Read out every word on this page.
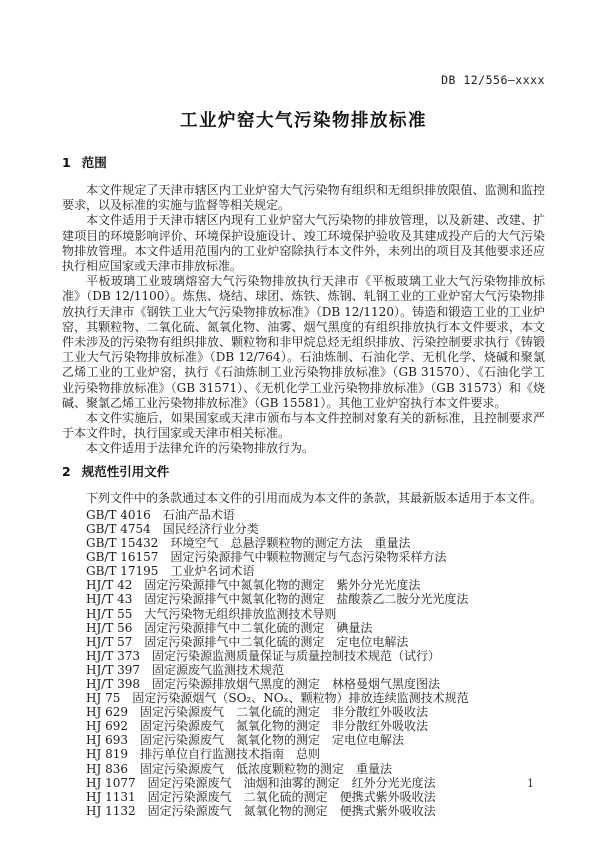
DB 12/556—xxxx
工业炉窑大气污染物排放标准
1 范围

本文件规定了天津市辖区内工业炉窑大气污染物有组织和无组织排放限值、监测和监控要求，以及标准的实施与监督等相关规定。

本文件适用于天津市辖区内现有工业炉窑大气污染物的排放管理，以及新建、改建、扩建项目的环境影响评价、环境保护设施设计、竣工环境保护验收及其建成投产后的大气污染物排放管理。本文件适用范围内的工业炉窑除执行本文件外，未列出的项目及其他要求还应执行相应国家或天津市排放标准。

平板玻璃工业玻璃熔窑大气污染物排放执行天津市《平板玻璃工业大气污染物排放标准》（DB 12/1100）。炼焦、烧结、球团、炼铁、炼钢、轧钢工业的工业炉窑大气污染物排放执行天津市《钢铁工业大气污染物排放标准》（DB 12/1120）。铸造和锻造工业的工业炉窑，其颗粒物、二氧化硫、氮氧化物、油雾、烟气黑度的有组织排放执行本文件要求，本文件未涉及的污染物有组织排放、颗粒物和非甲烷总烃无组织排放、污染控制要求执行《铸锻工业大气污染物排放标准》（DB 12/764）。石油炼制、石油化学、无机化学、烧碱和聚氯乙烯工业的工业炉窑，执行《石油炼制工业污染物排放标准》（GB 31570）、《石油化学工业污染物排放标准》（GB 31571）、《无机化学工业污染物排放标准》（GB 31573）和《烧碱、聚氯乙烯工业污染物排放标准》（GB 15581）。其他工业炉窑执行本文件要求。

本文件实施后，如果国家或天津市颁布与本文件控制对象有关的新标准，且控制要求严于本文件时，执行国家或天津市相关标准。

本文件适用于法律允许的污染物排放行为。

2 规范性引用文件

下列文件中的条款通过本文件的引用而成为本文件的条款，其最新版本适用于本文件。

GB/T 4016　石油产品术语
GB/T 4754　国民经济行业分类
GB/T 15432　环境空气　总悬浮颗粒物的测定方法　重量法
GB/T 16157　固定污染源排气中颗粒物测定与气态污染物采样方法
GB/T 17195　工业炉名词术语
HJ/T 42　固定污染源排气中氮氧化物的测定　紫外分光光度法
HJ/T 43　固定污染源排气中氮氧化物的测定　盐酸萘乙二胺分光光度法
HJ/T 55　大气污染物无组织排放监测技术导则
HJ/T 56　固定污染源排气中二氧化硫的测定　碘量法
HJ/T 57　固定污染源排气中二氧化硫的测定　定电位电解法
HJ/T 373　固定污染源监测质量保证与质量控制技术规范（试行）
HJ/T 397　固定源废气监测技术规范
HJ/T 398　固定污染源排放烟气黑度的测定　林格曼烟气黑度图法
HJ 75　固定污染源烟气（SO₂、NOₓ、颗粒物）排放连续监测技术规范
HJ 629　固定污染源废气　二氧化硫的测定　非分散红外吸收法
HJ 692　固定污染源废气　氮氧化物的测定　非分散红外吸收法
HJ 693　固定污染源废气　氮氧化物的测定　定电位电解法
HJ 819　排污单位自行监测技术指南　总则
HJ 836　固定污染源废气　低浓度颗粒物的测定　重量法
HJ 1077　固定污染源废气　油烟和油雾的测定　红外分光光度法
HJ 1131　固定污染源废气　二氧化硫的测定　便携式紫外吸收法
HJ 1132　固定污染源废气　氮氧化物的测定　便携式紫外吸收法
1
